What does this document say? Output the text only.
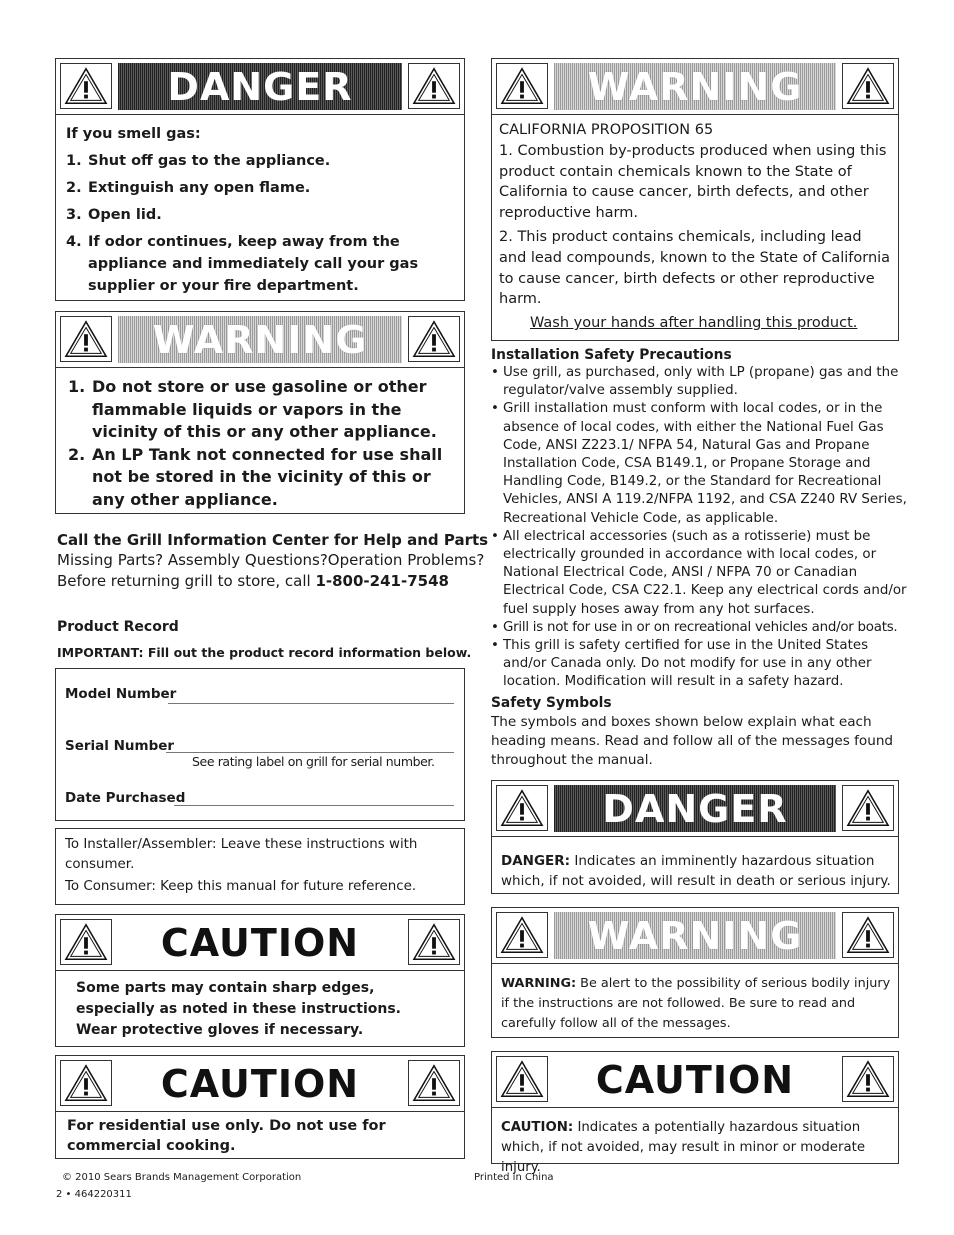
DANGER
If you smell gas:
1. Shut off gas to the appliance.
2. Extinguish any open flame.
3. Open lid.
4. If odor continues, keep away from the appliance and immediately call your gas supplier or your fire department.
WARNING
1. Do not store or use gasoline or other flammable liquids or vapors in the vicinity of this or any other appliance.
2. An LP Tank not connected for use shall not be stored in the vicinity of this or any other appliance.
Call the Grill Information Center for Help and Parts
Missing Parts? Assembly Questions?Operation Problems?
Before returning grill to store, call 1-800-241-7548
Product Record
IMPORTANT: Fill out the product record information below.
Model Number
Serial Number
See rating label on grill for serial number.
Date Purchased
To Installer/Assembler: Leave these instructions with consumer.
To Consumer: Keep this manual for future reference.
CAUTION
Some parts may contain sharp edges, especially as noted in these instructions.
Wear protective gloves if necessary.
CAUTION
For residential use only. Do not use for commercial cooking.
WARNING
CALIFORNIA PROPOSITION 65
1. Combustion by-products produced when using this product contain chemicals known to the State of California to cause cancer, birth defects, and other reproductive harm.
2. This product contains chemicals, including lead and lead compounds, known to the State of California to cause cancer, birth defects or other reproductive harm.
Wash your hands after handling this product.
Installation Safety Precautions
• Use grill, as purchased, only with LP (propane) gas and the regulator/valve assembly supplied.
• Grill installation must conform with local codes, or in the absence of local codes, with either the National Fuel Gas Code, ANSI Z223.1/ NFPA 54, Natural Gas and Propane Installation Code, CSA B149.1, or Propane Storage and Handling Code, B149.2, or the Standard for Recreational Vehicles, ANSI A 119.2/NFPA 1192, and CSA Z240 RV Series, Recreational Vehicle Code, as applicable.
• All electrical accessories (such as a rotisserie) must be electrically grounded in accordance with local codes, or National Electrical Code, ANSI / NFPA 70 or Canadian Electrical Code, CSA C22.1. Keep any electrical cords and/or fuel supply hoses away from any hot surfaces.
• Grill is not for use in or on recreational vehicles and/or boats.
• This grill is safety certified for use in the United States and/or Canada only. Do not modify for use in any other location. Modification will result in a safety hazard.
Safety Symbols
The symbols and boxes shown below explain what each heading means. Read and follow all of the messages found throughout the manual.
DANGER
DANGER: Indicates an imminently hazardous situation which, if not avoided, will result in death or serious injury.
WARNING
WARNING: Be alert to the possibility of serious bodily injury if the instructions are not followed. Be sure to read and carefully follow all of the messages.
CAUTION
CAUTION: Indicates a potentially hazardous situation which, if not avoided, may result in minor or moderate injury.
© 2010 Sears Brands Management Corporation	Printed in China
2 • 464220311
